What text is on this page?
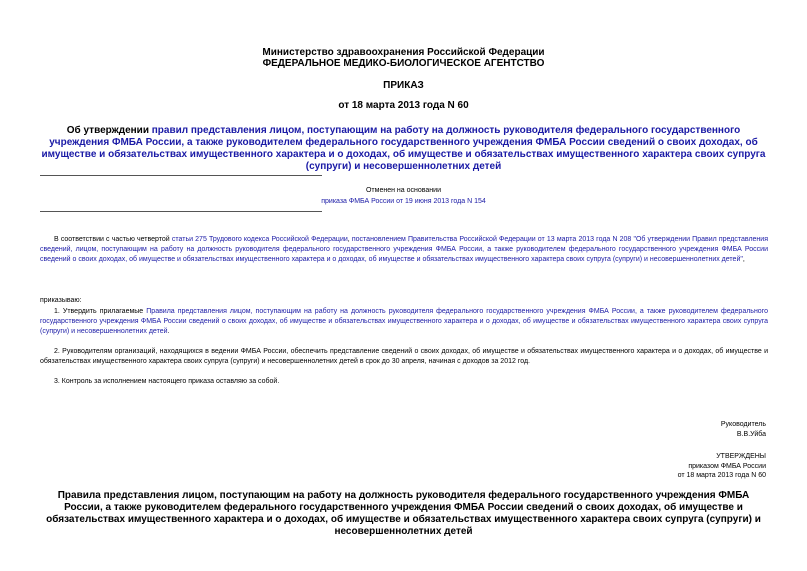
Министерство здравоохранения Российской Федерации
ФЕДЕРАЛЬНОЕ МЕДИКО-БИОЛОГИЧЕСКОЕ АГЕНТСТВО
ПРИКАЗ
от 18 марта 2013 года N 60
Об утверждении правил представления лицом, поступающим на работу на должность руководителя федерального государственного учреждения ФМБА России, а также руководителем федерального государственного учреждения ФМБА России сведений о своих доходах, об имуществе и обязательствах имущественного характера и о доходах, об имуществе и обязательствах имущественного характера своих супруга (супруги) и несовершеннолетних детей
Отменен на основании
приказа ФМБА России от 19 июня 2013 года N 154
В соответствии с частью четвертой статьи 275 Трудового кодекса Российской Федерации, постановлением Правительства Российской Федерации от 13 марта 2013 года N 208 "Об утверждении Правил представления сведений, лицом, поступающим на работу на должность руководителя федерального государственного учреждения ФМБА России, а также руководителем федерального государственного учреждения ФМБА России сведений о своих доходах, об имуществе и обязательствах имущественного характера и о доходах, об имуществе и обязательствах имущественного характера своих супруга (супруги) и несовершеннолетних детей",
приказываю:
1. Утвердить прилагаемые Правила представления лицом, поступающим на работу на должность руководителя федерального государственного учреждения ФМБА России, а также руководителем федерального государственного учреждения ФМБА России сведений о своих доходах, об имуществе и обязательствах имущественного характера и о доходах, об имуществе и обязательствах имущественного характера своих супруга (супруги) и несовершеннолетних детей.
2. Руководителям организаций, находящихся в ведении ФМБА России, обеспечить представление сведений о своих доходах, об имуществе и обязательствах имущественного характера и о доходах, об имуществе и обязательствах имущественного характера своих супруга (супруги) и несовершеннолетних детей в срок до 30 апреля, начиная с доходов за 2012 год.
3. Контроль за исполнением настоящего приказа оставляю за собой.
Руководитель
В.В.Уйба
УТВЕРЖДЕНЫ
приказом ФМБА России
от 18 марта 2013 года N 60
Правила представления лицом, поступающим на работу на должность руководителя федерального государственного учреждения ФМБА России, а также руководителем федерального государственного учреждения ФМБА России сведений о своих доходах, об имуществе и обязательствах имущественного характера и о доходах, об имуществе и обязательствах имущественного характера своих супруга (супруги) и несовершеннолетних детей
